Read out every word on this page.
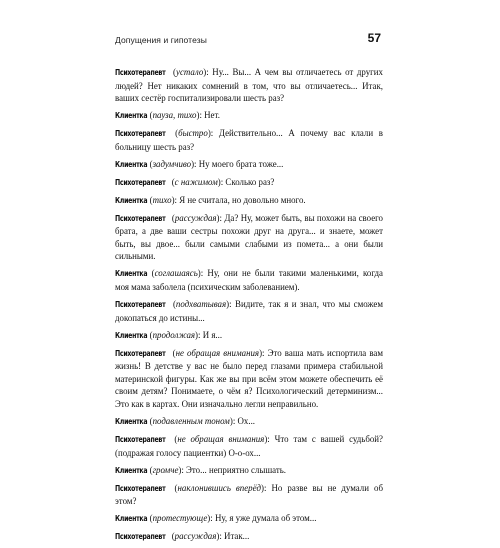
Допущения и гипотезы	57

Психотерапевт (устало): Ну... Вы... А чем вы отличаетесь от других людей? Нет никаких сомнений в том, что вы отличаетесь... Итак, ваших сестёр госпитализировали шесть раз?

Клиентка (пауза, тихо): Нет.

Психотерапевт (быстро): Действительно... А почему вас клали в больницу шесть раз?

Клиентка (задумчиво): Ну моего брата тоже...

Психотерапевт (с нажимом): Сколько раз?

Клиентка (тихо): Я не считала, но довольно много.

Психотерапевт (рассуждая): Да? Ну, может быть, вы похожи на своего брата, а две ваши сестры похожи друг на друга... и знаете, может быть, вы двое... были самыми слабыми из помета... а они были сильными.

Клиентка (соглашаясь): Ну, они не были такими маленькими, когда моя мама заболела (психическим заболеванием).

Психотерапевт (подхватывая): Видите, так я и знал, что мы сможем докопаться до истины...

Клиентка (продолжая): И я...

Психотерапевт (не обращая внимания): Это ваша мать испортила вам жизнь! В детстве у вас не было перед глазами примера стабильной материнской фигуры. Как же вы при всём этом можете обеспечить её своим детям? Понимаете, о чём я? Психологический детерминизм... Это как в картах. Они изначально легли неправильно.

Клиентка (подавленным тоном): Ох...

Психотерапевт (не обращая внимания): Что там с вашей судьбой? (подражая голосу пациентки) О-о-ох...

Клиентка (громче): Это... неприятно слышать.

Психотерапевт (наклонившись вперёд): Но разве вы не думали об этом?

Клиентка (протестующе): Ну, я уже думала об этом...

Психотерапевт (рассуждая): Итак...
